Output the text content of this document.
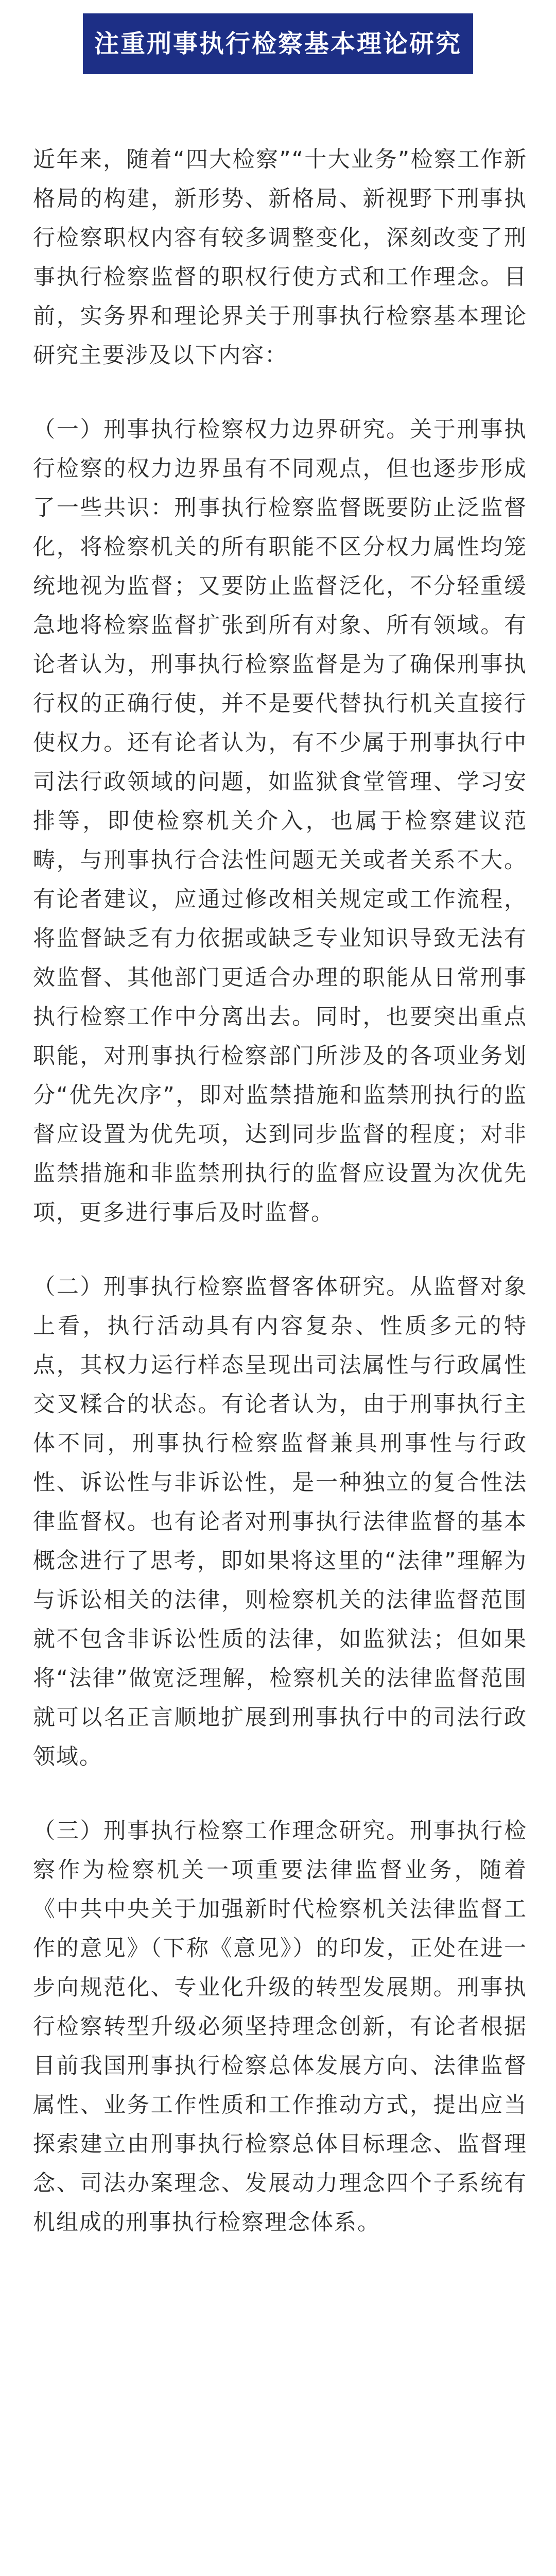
注重刑事执行检察基本理论研究

近年来，随着“四大检察”“十大业务”检察工作新格局的构建，新形势、新格局、新视野下刑事执行检察职权内容有较多调整变化，深刻改变了刑事执行检察监督的职权行使方式和工作理念。目前，实务界和理论界关于刑事执行检察基本理论研究主要涉及以下内容：

（一）刑事执行检察权力边界研究。关于刑事执行检察的权力边界虽有不同观点，但也逐步形成了一些共识：刑事执行检察监督既要防止泛监督化，将检察机关的所有职能不区分权力属性均笼统地视为监督；又要防止监督泛化，不分轻重缓急地将检察监督扩张到所有对象、所有领域。有论者认为，刑事执行检察监督是为了确保刑事执行权的正确行使，并不是要代替执行机关直接行使权力。还有论者认为，有不少属于刑事执行中司法行政领域的问题，如监狱食堂管理、学习安排等，即使检察机关介入，也属于检察建议范畴，与刑事执行合法性问题无关或者关系不大。有论者建议，应通过修改相关规定或工作流程，将监督缺乏有力依据或缺乏专业知识导致无法有效监督、其他部门更适合办理的职能从日常刑事执行检察工作中分离出去。同时，也要突出重点职能，对刑事执行检察部门所涉及的各项业务划分“优先次序”，即对监禁措施和监禁刑执行的监督应设置为优先项，达到同步监督的程度；对非监禁措施和非监禁刑执行的监督应设置为次优先项，更多进行事后及时监督。

（二）刑事执行检察监督客体研究。从监督对象上看，执行活动具有内容复杂、性质多元的特点，其权力运行样态呈现出司法属性与行政属性交叉糅合的状态。有论者认为，由于刑事执行主体不同，刑事执行检察监督兼具刑事性与行政性、诉讼性与非诉讼性，是一种独立的复合性法律监督权。也有论者对刑事执行法律监督的基本概念进行了思考，即如果将这里的“法律”理解为与诉讼相关的法律，则检察机关的法律监督范围就不包含非诉讼性质的法律，如监狱法；但如果将“法律”做宽泛理解，检察机关的法律监督范围就可以名正言顺地扩展到刑事执行中的司法行政领域。

（三）刑事执行检察工作理念研究。刑事执行检察作为检察机关一项重要法律监督业务，随着《中共中央关于加强新时代检察机关法律监督工作的意见》（下称《意见》）的印发，正处在进一步向规范化、专业化升级的转型发展期。刑事执行检察转型升级必须坚持理念创新，有论者根据目前我国刑事执行检察总体发展方向、法律监督属性、业务工作性质和工作推动方式，提出应当探索建立由刑事执行检察总体目标理念、监督理念、司法办案理念、发展动力理念四个子系统有机组成的刑事执行检察理念体系。
